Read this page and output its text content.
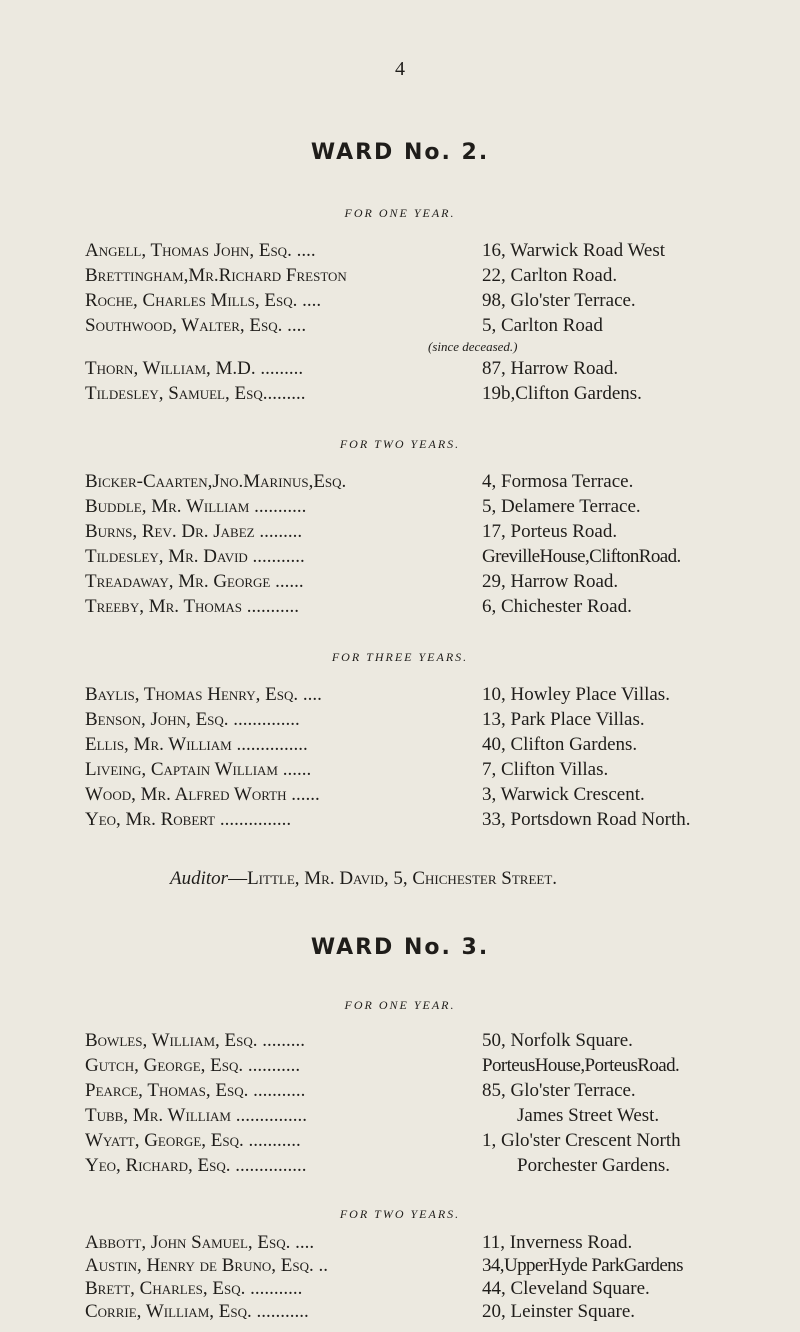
4
WARD No. 2.
FOR ONE YEAR.
Angell, Thomas John, Esq. ....	16, Warwick Road West
Brettingham,Mr.Richard Freston	22, Carlton Road.
Roche, Charles Mills, Esq. ....	98, Glo'ster Terrace.
Southwood, Walter, Esq. ....	5, Carlton Road
(since deceased.)
Thorn, William, M.D. .........	87, Harrow Road.
Tildesley, Samuel, Esq.........	19b,Clifton Gardens.
FOR TWO YEARS.
Bicker-Caarten,Jno.Marinus,Esq.	4, Formosa Terrace.
Buddle, Mr. William ...........	5, Delamere Terrace.
Burns, Rev. Dr. Jabez .........	17, Porteus Road.
Tildesley, Mr. David ...........	GrevilleHouse,CliftonRoad.
Treadaway, Mr. George ......	29, Harrow Road.
Treeby, Mr. Thomas ...........	6, Chichester Road.
FOR THREE YEARS.
Baylis, Thomas Henry, Esq. ....	10, Howley Place Villas.
Benson, John, Esq. ..............	13, Park Place Villas.
Ellis, Mr. William ...............	40, Clifton Gardens.
Liveing, Captain William ......	7, Clifton Villas.
Wood, Mr. Alfred Worth ......	3, Warwick Crescent.
Yeo, Mr. Robert ...............	33, Portsdown Road North.
Auditor—Little, Mr. David, 5, Chichester Street.
WARD No. 3.
FOR ONE YEAR.
Bowles, William, Esq. .........	50, Norfolk Square.
Gutch, George, Esq. ...........	PorteusHouse,PorteusRoad.
Pearce, Thomas, Esq. ...........	85, Glo'ster Terrace.
Tubb, Mr. William ...............	James Street West.
Wyatt, George, Esq. ...........	1, Glo'ster Crescent North
Yeo, Richard, Esq. ...............	Porchester Gardens.
FOR TWO YEARS.
Abbott, John Samuel, Esq. ....	11, Inverness Road.
Austin, Henry de Bruno, Esq. ..	34,UpperHyde ParkGardens
Brett, Charles, Esq. ...........	44, Cleveland Square.
Corrie, William, Esq. ...........	20, Leinster Square.
